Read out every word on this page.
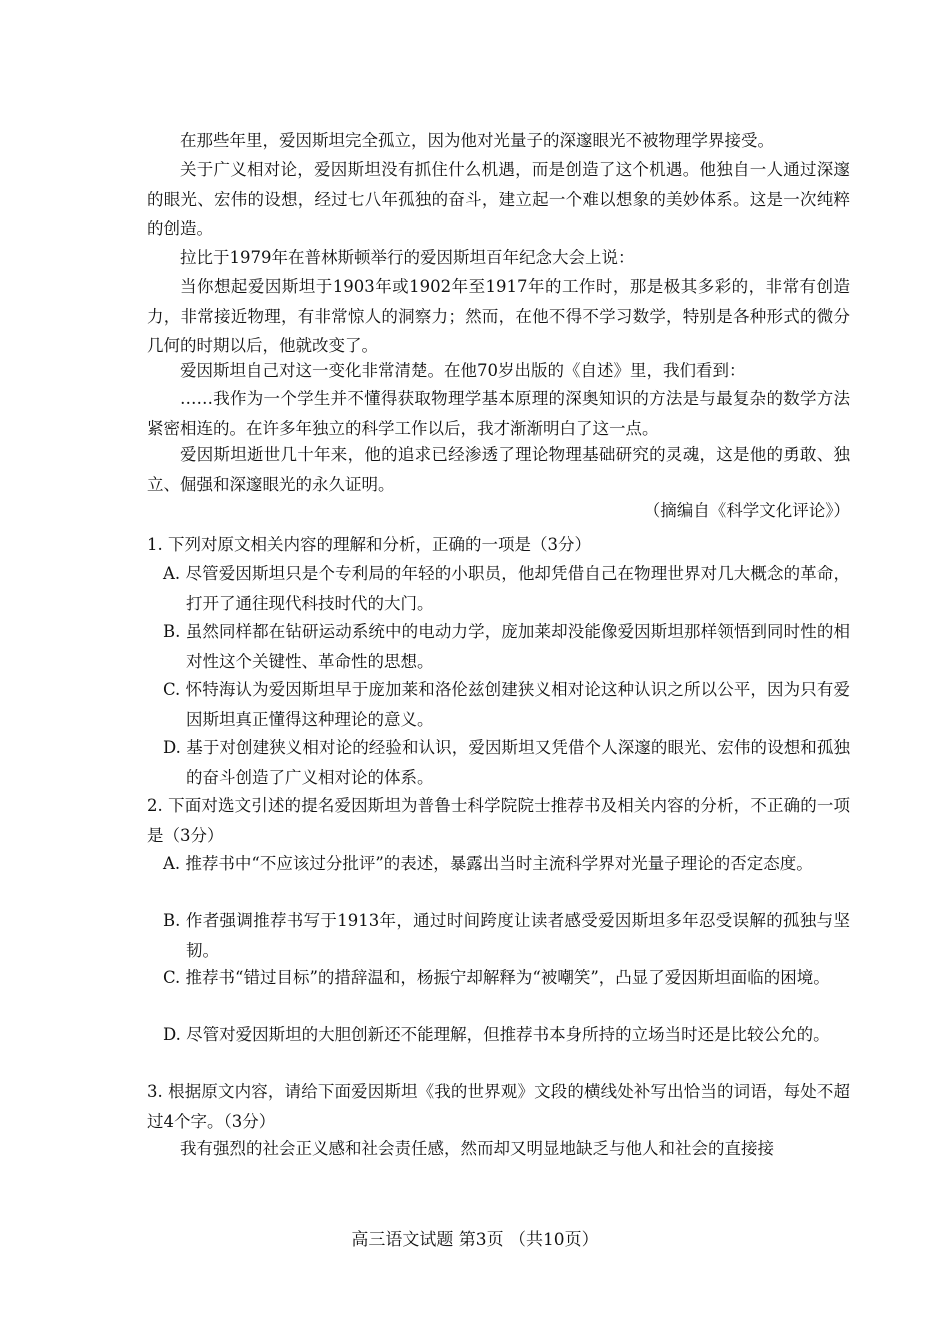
在那些年里，爱因斯坦完全孤立，因为他对光量子的深邃眼光不被物理学界接受。

关于广义相对论，爱因斯坦没有抓住什么机遇，而是创造了这个机遇。他独自一人通过深邃的眼光、宏伟的设想，经过七八年孤独的奋斗，建立起一个难以想象的美妙体系。这是一次纯粹的创造。

拉比于1979年在普林斯顿举行的爱因斯坦百年纪念大会上说：

当你想起爱因斯坦于1903年或1902年至1917年的工作时，那是极其多彩的，非常有创造力，非常接近物理，有非常惊人的洞察力；然而，在他不得不学习数学，特别是各种形式的微分几何的时期以后，他就改变了。

爱因斯坦自己对这一变化非常清楚。在他70岁出版的《自述》里，我们看到：

……我作为一个学生并不懂得获取物理学基本原理的深奥知识的方法是与最复杂的数学方法紧密相连的。在许多年独立的科学工作以后，我才渐渐明白了这一点。

爱因斯坦逝世几十年来，他的追求已经渗透了理论物理基础研究的灵魂，这是他的勇敢、独立、倔强和深邃眼光的永久证明。

（摘编自《科学文化评论》）

1. 下列对原文相关内容的理解和分析，正确的一项是（3分）

A. 尽管爱因斯坦只是个专利局的年轻的小职员，他却凭借自己在物理世界对几大概念的革命，打开了通往现代科技时代的大门。

B. 虽然同样都在钻研运动系统中的电动力学，庞加莱却没能像爱因斯坦那样领悟到同时性的相对性这个关键性、革命性的思想。

C. 怀特海认为爱因斯坦早于庞加莱和洛伦兹创建狭义相对论这种认识之所以公平，因为只有爱因斯坦真正懂得这种理论的意义。

D. 基于对创建狭义相对论的经验和认识，爱因斯坦又凭借个人深邃的眼光、宏伟的设想和孤独的奋斗创造了广义相对论的体系。

2. 下面对选文引述的提名爱因斯坦为普鲁士科学院院士推荐书及相关内容的分析，不正确的一项是（3分）

A. 推荐书中“不应该过分批评”的表述，暴露出当时主流科学界对光量子理论的否定态度。

B. 作者强调推荐书写于1913年，通过时间跨度让读者感受爱因斯坦多年忍受误解的孤独与坚韧。

C. 推荐书“错过目标”的措辞温和，杨振宁却解释为“被嘲笑”，凸显了爱因斯坦面临的困境。

D. 尽管对爱因斯坦的大胆创新还不能理解，但推荐书本身所持的立场当时还是比较公允的。

3. 根据原文内容，请给下面爱因斯坦《我的世界观》文段的横线处补写出恰当的词语，每处不超过4个字。（3分）

我有强烈的社会正义感和社会责任感，然而却又明显地缺乏与他人和社会的直接接

高三语文试题 第3页 （共10页）
